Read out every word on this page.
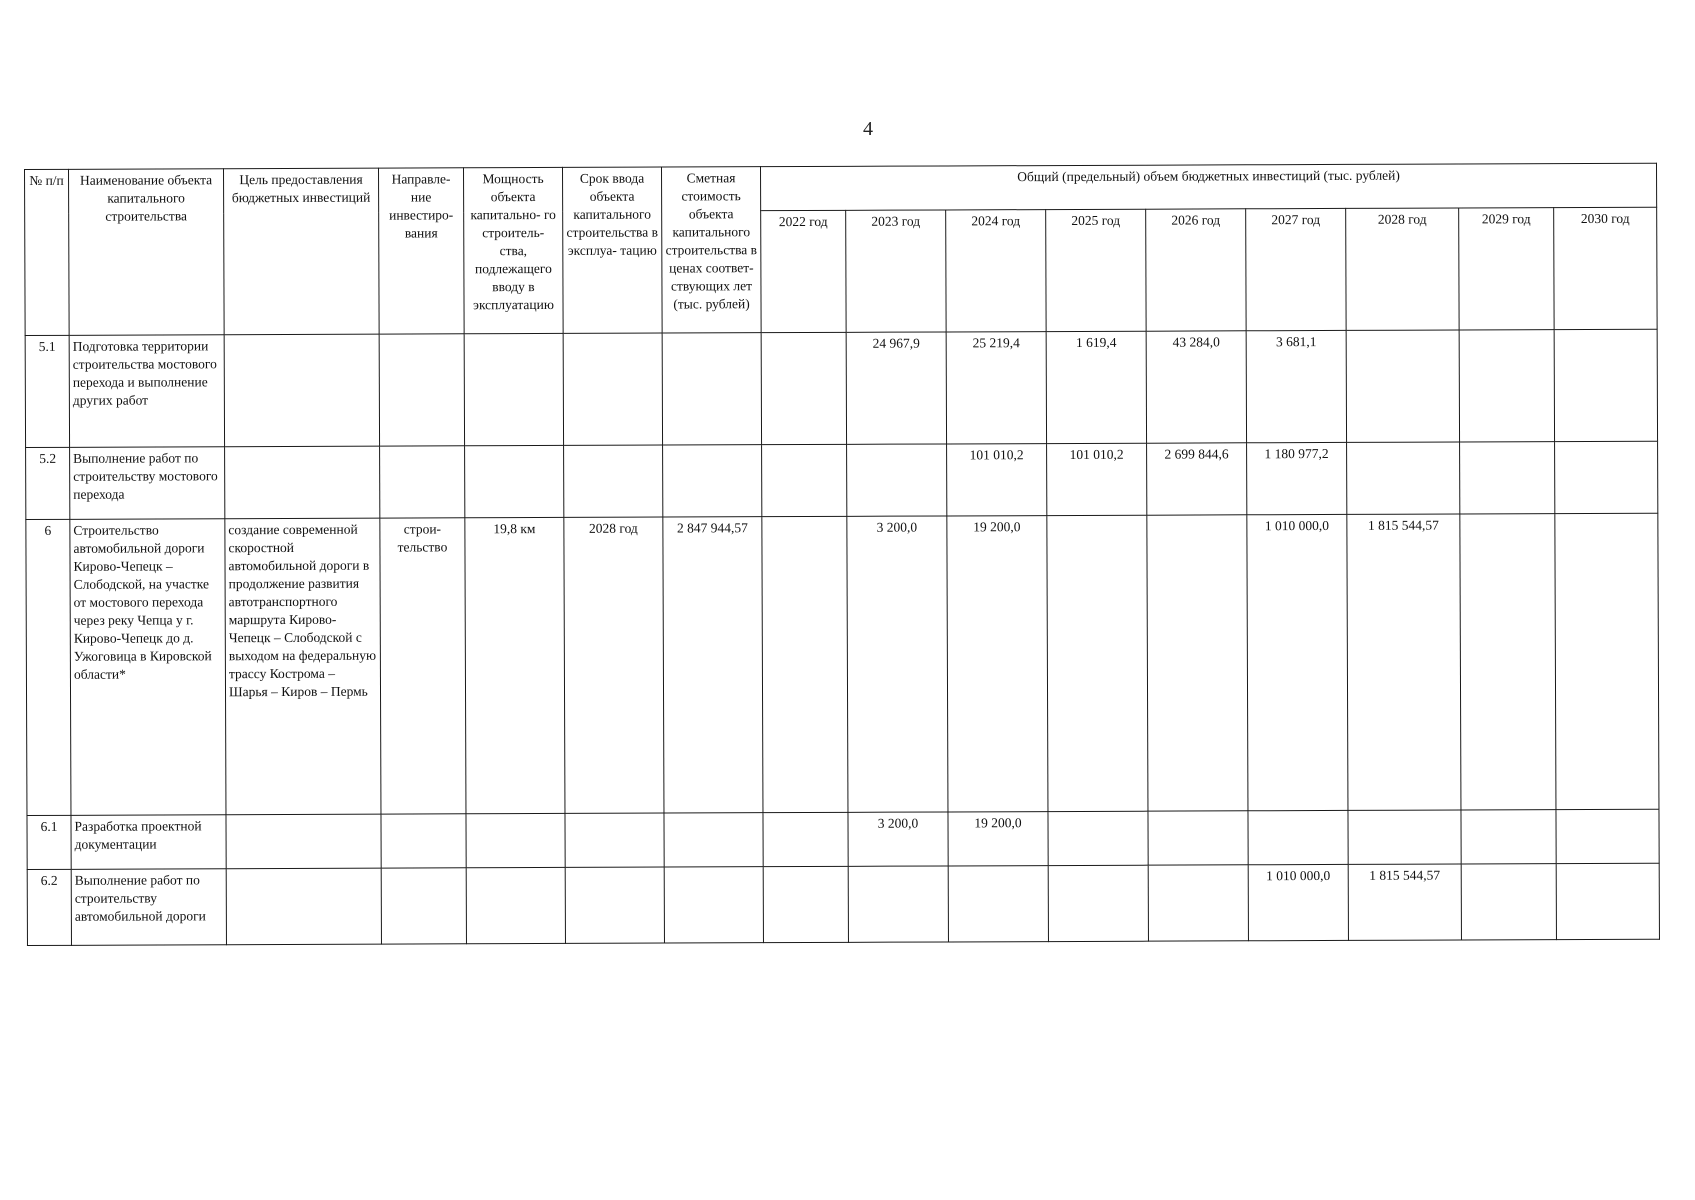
4
№ п/п	Наименование объекта капитального строительства	Цель предоставления бюджетных инвестиций	Направле- ние инвестиро- вания	Мощность объекта капитально- го строитель- ства, подлежащего вводу в эксплуатацию	Срок ввода объекта капитального строительства в эксплуа- тацию	Сметная стоимость объекта капитального строительства в ценах соответ- ствующих лет (тыс. рублей)	Общий (предельный) объем бюджетных инвестиций (тыс. рублей)								
							2022 год	2023 год	2024 год	2025 год	2026 год	2027 год	2028 год	2029 год	2030 год
5.1	Подготовка территории строительства мостового перехода и выполнение других работ							24 967,9	25 219,4	1 619,4	43 284,0	3 681,1			
5.2	Выполнение работ по строительству мостового перехода								101 010,2	101 010,2	2 699 844,6	1 180 977,2			
6	Строительство автомобильной дороги Кирово-Чепецк – Слободской, на участке от мостового перехода через реку Чепца у г. Кирово-Чепецк до д. Ужоговица в Кировской области*	создание современной скоростной автомобильной дороги в продолжение развития автотранспортного маршрута Кирово-Чепецк – Слободской с выходом на федеральную трассу Кострома – Шарья – Киров – Пермь	строи- тельство	19,8 км	2028 год	2 847 944,57		3 200,0	19 200,0			1 010 000,0	1 815 544,57		
6.1	Разработка проектной документации							3 200,0	19 200,0						
6.2	Выполнение работ по строительству автомобильной дороги											1 010 000,0	1 815 544,57		
